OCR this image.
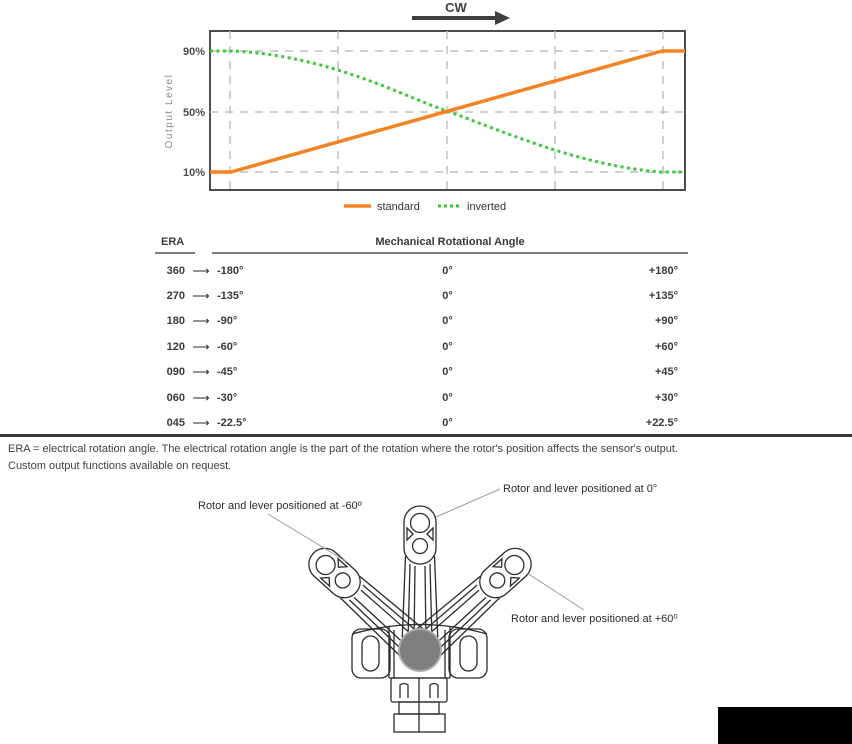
CW
90%
50%
10%
Output Level
standard	inverted
ERA	Mechanical Rotational Angle
360 ⟶ -180°	0°	+180°
270 ⟶ -135°	0°	+135°
180 ⟶ -90°	0°	+90°
120 ⟶ -60°	0°	+60°
090 ⟶ -45°	0°	+45°
060 ⟶ -30°	0°	+30°
045 ⟶ -22.5°	0°	+22.5°
ERA = electrical rotation angle. The electrical rotation angle is the part of the rotation where the rotor's position affects the sensor's output.
Custom output functions available on request.
Rotor and lever positioned at -60º
Rotor and lever positioned at 0°
Rotor and lever positioned at +60⁰
